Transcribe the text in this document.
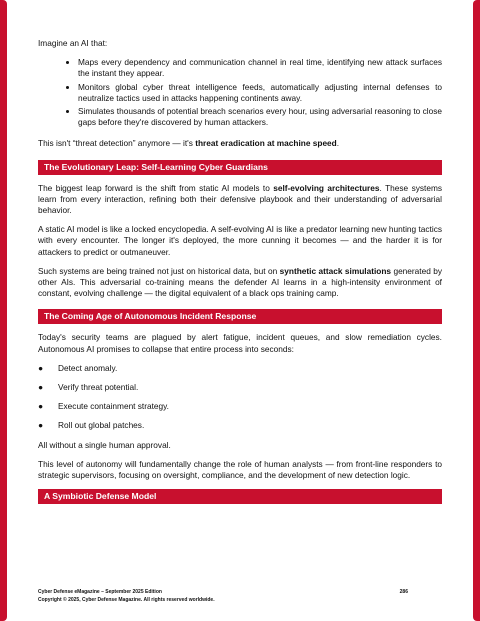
Imagine an AI that:

• Maps every dependency and communication channel in real time, identifying new attack surfaces the instant they appear.
• Monitors global cyber threat intelligence feeds, automatically adjusting internal defenses to neutralize tactics used in attacks happening continents away.
• Simulates thousands of potential breach scenarios every hour, using adversarial reasoning to close gaps before they're discovered by human attackers.

This isn't “threat detection” anymore — it's threat eradication at machine speed.

The Evolutionary Leap: Self-Learning Cyber Guardians

The biggest leap forward is the shift from static AI models to self-evolving architectures. These systems learn from every interaction, refining both their defensive playbook and their understanding of adversarial behavior.

A static AI model is like a locked encyclopedia. A self-evolving AI is like a predator learning new hunting tactics with every encounter. The longer it's deployed, the more cunning it becomes — and the harder it is for attackers to predict or outmaneuver.

Such systems are being trained not just on historical data, but on synthetic attack simulations generated by other AIs. This adversarial co-training means the defender AI learns in a high-intensity environment of constant, evolving challenge — the digital equivalent of a black ops training camp.

The Coming Age of Autonomous Incident Response

Today's security teams are plagued by alert fatigue, incident queues, and slow remediation cycles. Autonomous AI promises to collapse that entire process into seconds:

● Detect anomaly.
● Verify threat potential.
● Execute containment strategy.
● Roll out global patches.

All without a single human approval.

This level of autonomy will fundamentally change the role of human analysts — from front-line responders to strategic supervisors, focusing on oversight, compliance, and the development of new detection logic.

A Symbiotic Defense Model
Cyber Defense eMagazine – September 2025 Edition	286
Copyright © 2025, Cyber Defense Magazine. All rights reserved worldwide.
